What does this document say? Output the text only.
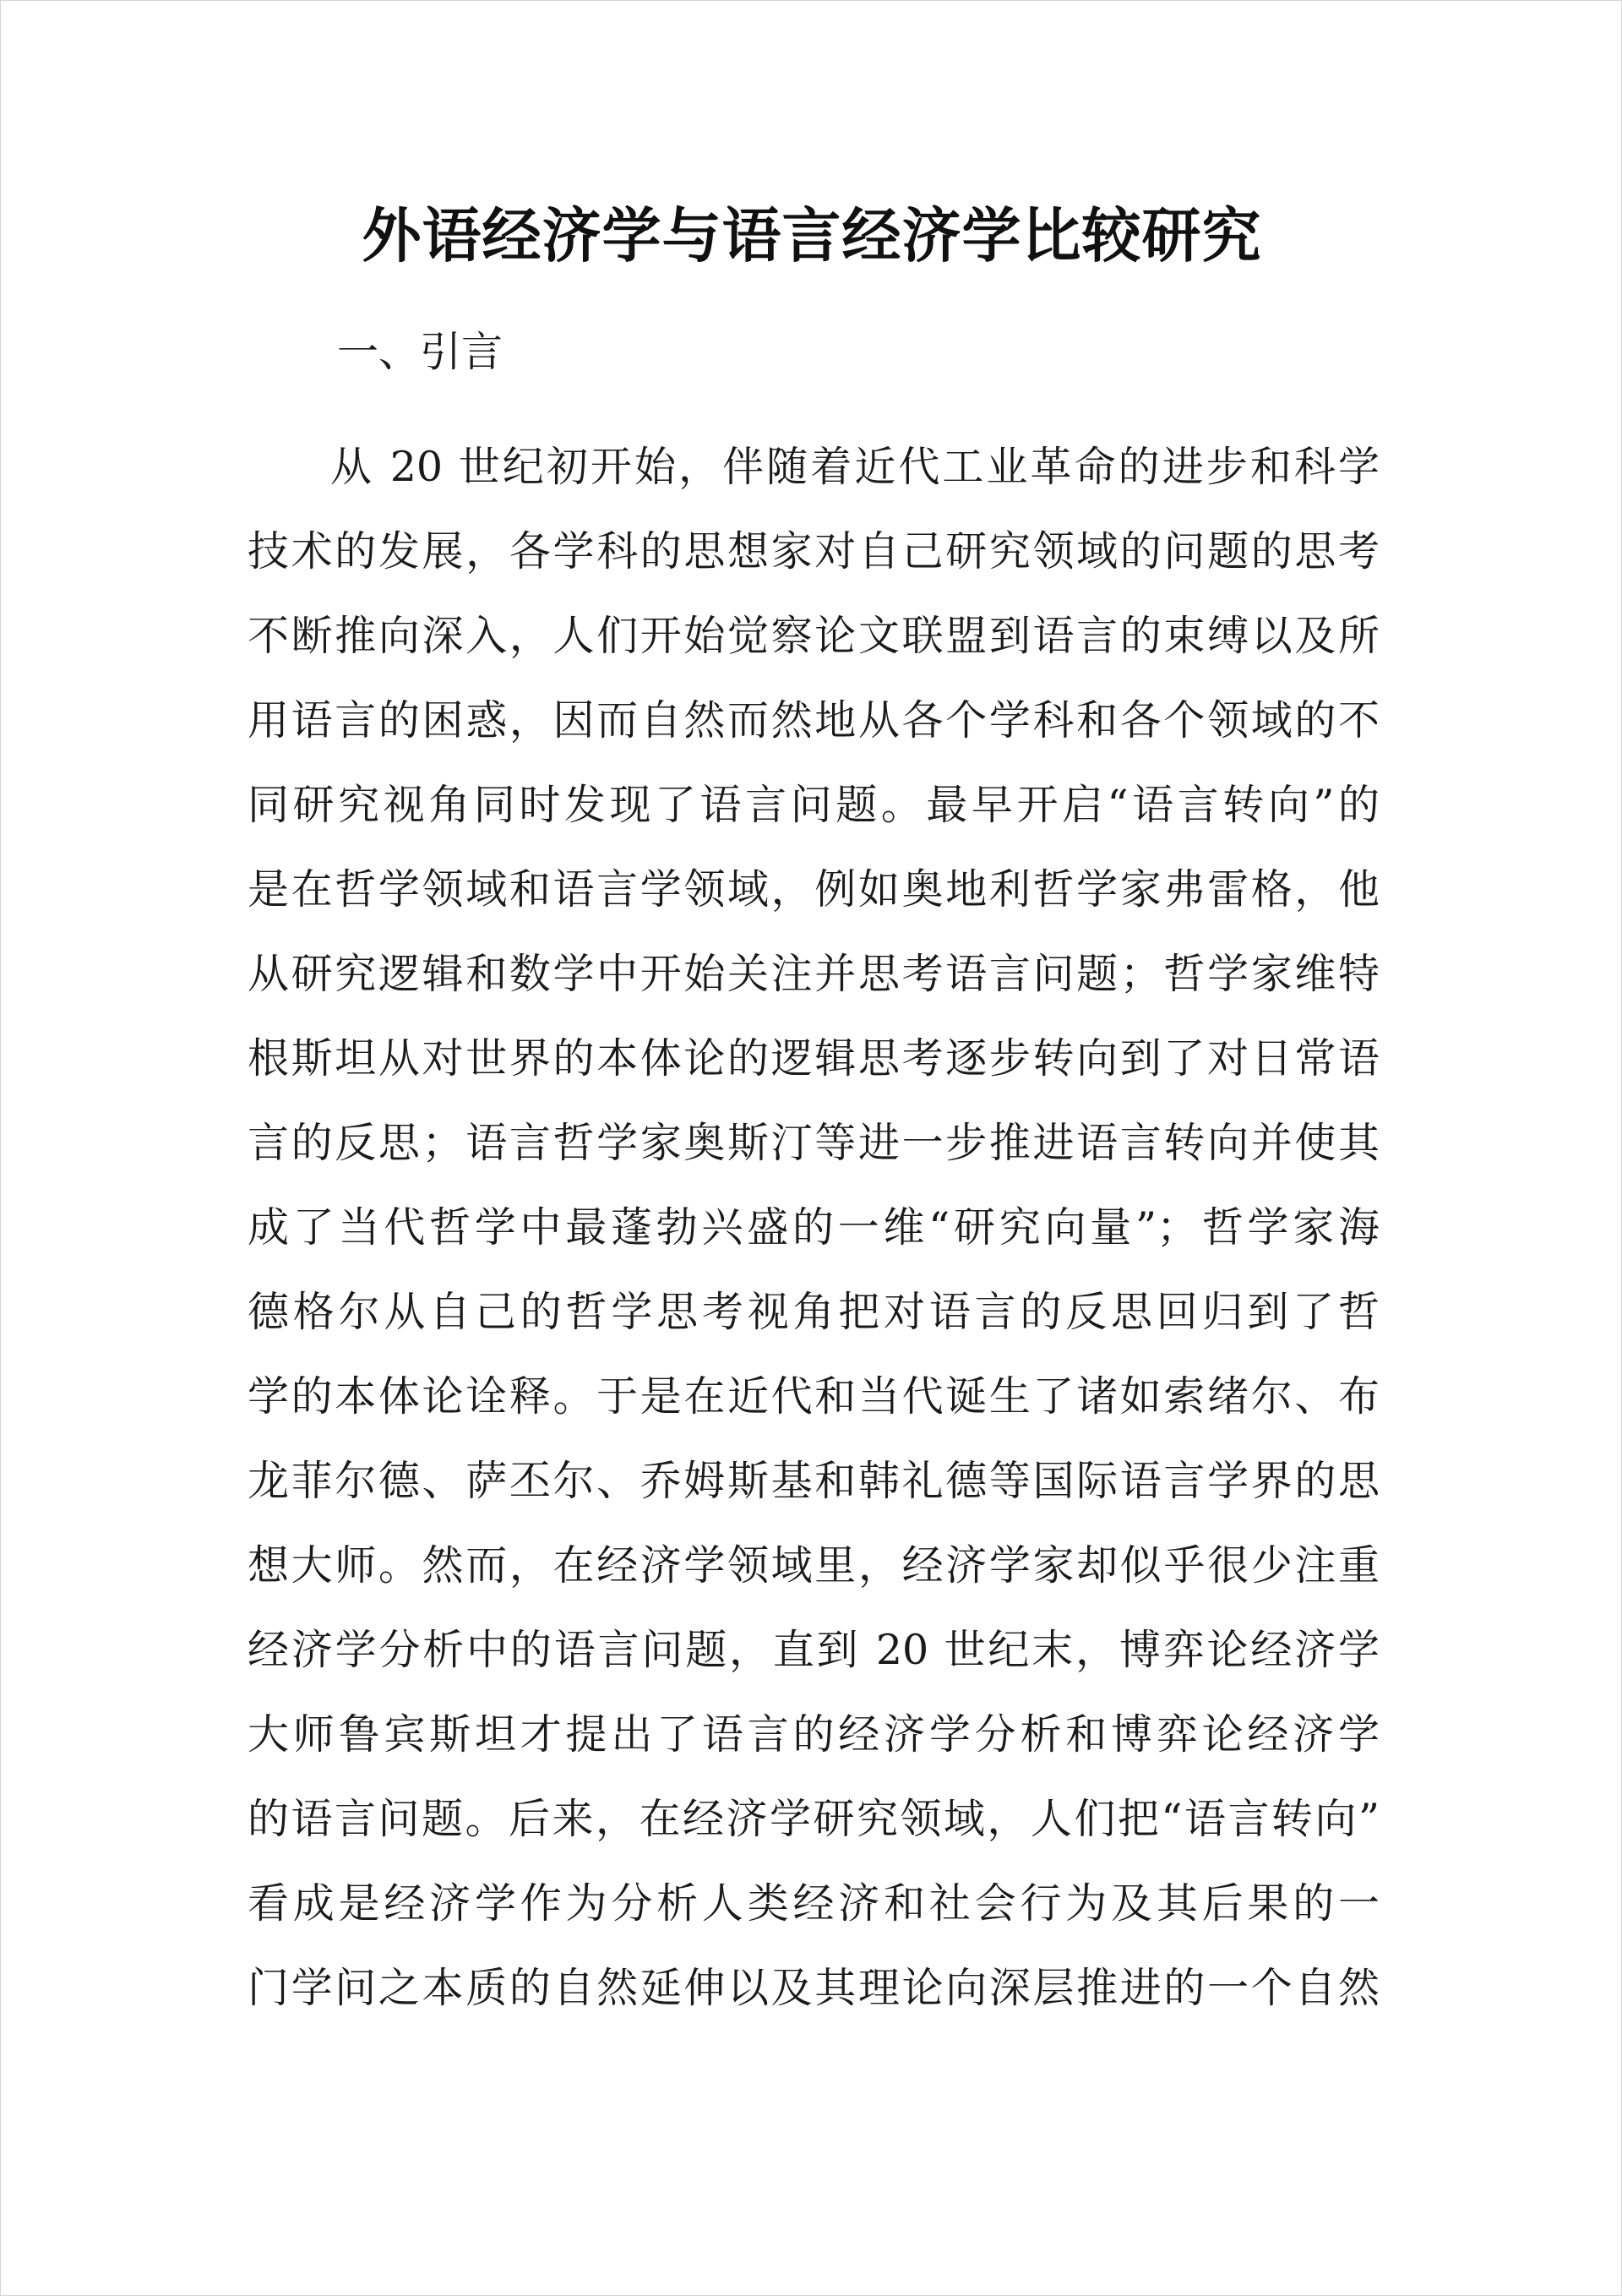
外语经济学与语言经济学比较研究
一、引言
从 20 世纪初开始，伴随着近代工业革命的进步和科学
技术的发展，各学科的思想家对自己研究领域的问题的思考
不断推向深入，人们开始觉察论文联盟到语言的束缚以及所
用语言的困惑，因而自然而然地从各个学科和各个领域的不
同研究视角同时发现了语言问题。最早开启“语言转向”的
是在哲学领域和语言学领域，例如奥地利哲学家弗雷格，他
从研究逻辑和数学中开始关注并思考语言问题；哲学家维特
根斯坦从对世界的本体论的逻辑思考逐步转向到了对日常语
言的反思；语言哲学家奥斯汀等进一步推进语言转向并使其
成了当代哲学中最蓬勃兴盛的一维“研究向量”；哲学家海
德格尔从自己的哲学思考视角把对语言的反思回归到了哲
学的本体论诠释。于是在近代和当代诞生了诸如索绪尔、布
龙菲尔德、萨丕尔、乔姆斯基和韩礼德等国际语言学界的思
想大师。然而，在经济学领域里，经济学家却似乎很少注重
经济学分析中的语言问题，直到 20 世纪末，博弈论经济学
大师鲁宾斯坦才提出了语言的经济学分析和博弈论经济学
的语言问题。后来，在经济学研究领域，人们把“语言转向”
看成是经济学作为分析人类经济和社会行为及其后果的一
门学问之本质的自然延伸以及其理论向深层推进的一个自然
